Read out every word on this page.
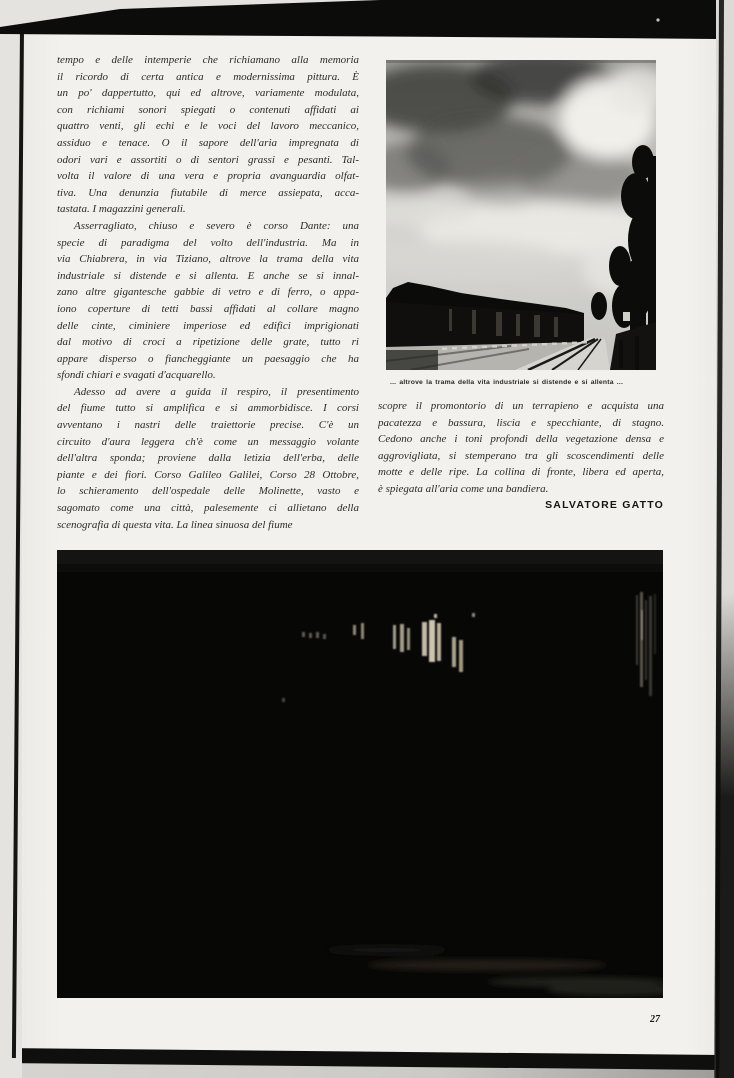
tempo e delle intemperie che richiamano alla memoria
il ricordo di certa antica e modernissima pittura. È
un po' dappertutto, qui ed altrove, variamente modulata,
con richiami sonori spiegati o contenuti affidati ai
quattro venti, gli echi e le voci del lavoro meccanico,
assiduo e tenace. O il sapore dell'aria impregnata di
odori vari e assortiti o di sentori grassi e pesanti. Tal-
volta il valore di una vera e propria avanguardia olfat-
tiva. Una denunzia fiutabile di merce assiepata, acca-
tastata. I magazzini generali.
Asserragliato, chiuso e severo è corso Dante: una
specie di paradigma del volto dell'industria. Ma in
via Chiabrera, in via Tiziano, altrove la trama della vita
industriale si distende e si allenta. E anche se si innal-
zano altre gigantesche gabbie di vetro e di ferro, o appa-
iono coperture di tetti bassi affidati al collare magno
delle cinte, ciminiere imperiose ed edifici imprigionati
dal motivo di croci a ripetizione delle grate, tutto ri
appare disperso o fiancheggiante un paesaggio che ha
sfondi chiari e svagati d'acquarello.
Adesso ad avere a guida il respiro, il presentimento
del fiume tutto si amplifica e si ammorbidisce. I corsi
avventano i nastri delle traiettorie precise. C'è un
circuito d'aura leggera ch'è come un messaggio volante
dell'altra sponda; proviene dalla letizia dell'erba, delle
piante e dei fiori. Corso Galileo Galilei, Corso 28 Ottobre,
lo schieramento dell'ospedale delle Molinette, vasto e
sagomato come una città, palesemente ci allietano della
scenografia di questa vita. La linea sinuosa del fiume
... altrove la trama della vita industriale si distende e si allenta ...
scopre il promontorio di un terrapieno e acquista una
pacatezza e bassura, liscia e specchiante, di stagno.
Cedono anche i toni profondi della vegetazione densa e
aggrovigliata, si stemperano tra gli scoscendimenti delle
motte e delle ripe. La collina di fronte, libera ed aperta,
è spiegata all'aria come una bandiera.
SALVATORE GATTO
27
